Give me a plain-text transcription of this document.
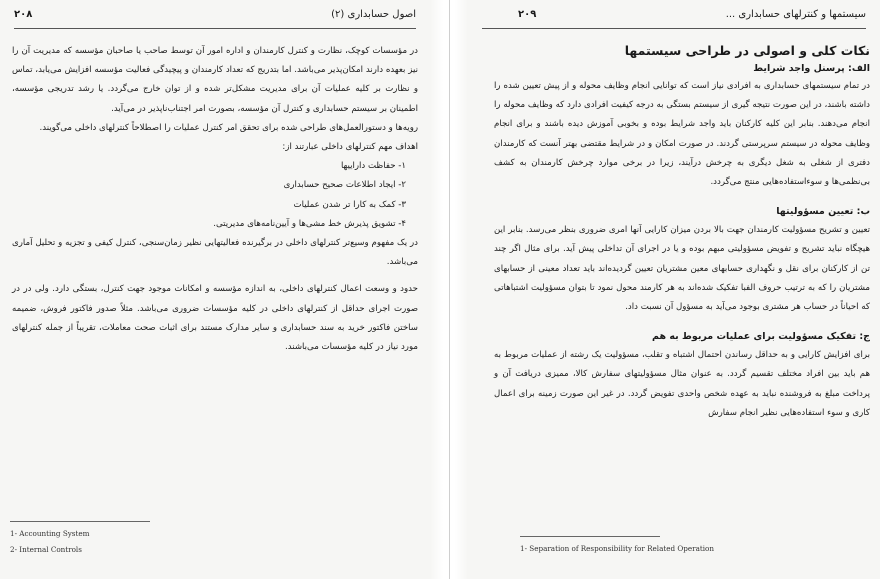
اصول حسابداری (۲)
۲۰۸

در مؤسسات کوچک، نظارت و کنترل کارمندان و اداره امور آن توسط صاحب یا صاحبان مؤسسه که مدیریت آن را نیز بعهده دارند امکان‌پذیر می‌باشد. اما بتدریج که تعداد کارمندان و پیچیدگی فعالیت مؤسسه افزایش می‌یابد، تماس و نظارت بر کلیه عملیات آن برای مدیریت مشکل‌تر شده و از توان خارج می‌گردد. یا رشد تدریجی مؤسسه، اطمینان بر سیستم حسابداری و کنترل آن مؤسسه، بصورت امر اجتناب‌ناپذیر در می‌آید.

رویه‌ها و دستورالعمل‌های طراحی شده برای تحقق امر کنترل عملیات را اصطلاحاً کنترلهای داخلی می‌گویند.

اهداف مهم کنترلهای داخلی عبارتند از:

۱- حفاظت داراییها

۲- ایجاد اطلاعات صحیح حسابداری

۳- کمک به کارا تر شدن عملیات

۴- تشویق پذیرش خط مشی‌ها و آیین‌نامه‌های مدیریتی.

در یک مفهوم وسیع‌تر کنترلهای داخلی در برگیرنده فعالیتهایی نظیر زمان‌سنجی، کنترل کیفی و تجزیه و تحلیل آماری می‌باشد.

حدود و وسعت اعمال کنترلهای داخلی، به اندازه مؤسسه و امکانات موجود جهت کنترل، بستگی دارد. ولی در در صورت اجرای حداقل از کنترلهای داخلی در کلیه مؤسسات ضروری می‌باشد. مثلاً صدور فاکتور فروش، ضمیمه ساختن فاکتور خرید به سند حسابداری و سایر مدارک مستند برای اثبات صحت معاملات، تقریباً از جمله کنترلهای مورد نیاز در کلیه مؤسسات می‌باشند.

1- Accounting System
2- Internal Controls
سیستمها و کنترلهای حسابداری ...
۲۰۹

نکات کلی و اصولی در طراحی سیستمها

الف: پرسنل واجد شرایط

در تمام سیستمهای حسابداری به افرادی نیاز است که توانایی انجام وظایف محوله و از پیش تعیین شده را داشته باشند، در این صورت نتیجه گیری از سیستم بستگی به درجه کیفیت افرادی دارد که وظایف محوله را انجام می‌دهند. بنابر این کلیه کارکنان باید واجد شرایط بوده و بخوبی آموزش دیده باشند و برای انجام وظایف محوله در سیستم سرپرستی گردند. در صورت امکان و در شرایط مقتضی بهتر آنست که کارمندان دفتری از شغلی به شغل دیگری به چرخش درآیند، زیرا در برخی موارد چرخش کارمندان به کشف بی‌نظمی‌ها و سوءاستفاده‌هایی منتج می‌گردد.

ب: تعیین مسؤولیتها

تعیین و تشریح مسؤولیت کارمندان جهت بالا بردن میزان کارایی آنها امری ضروری بنظر می‌رسد. بنابر این هیچگاه نباید تشریح و تفویض مسؤولیتی مبهم بوده و یا در اجرای آن تداخلی پیش آید. برای مثال اگر چند تن از کارکنان برای نقل و نگهداری حسابهای معین مشتریان تعیین گردیده‌اند باید تعداد معینی از حسابهای مشتریان را که به ترتیب حروف الفبا تفکیک شده‌اند به هر کارمند محول نمود تا بتوان مسؤولیت اشتباهاتی که احیاناً در حساب هر مشتری بوجود می‌آید به مسؤول آن نسبت داد.

ج: تفکیک مسؤولیت برای عملیات مربوط به هم

برای افزایش کارایی و به حداقل رساندن احتمال اشتباه و تقلب، مسؤولیت یک رشته از عملیات مربوط به هم باید بین افراد مختلف تقسیم گردد. به عنوان مثال مسؤولیتهای سفارش کالا، ممیزی دریافت آن و پرداخت مبلغ به فروشنده نباید به عهده شخص واحدی تفویض گردد. در غیر این صورت زمینه برای اعمال کاری و سوء استفاده‌هایی نظیر انجام سفارش

1- Separation of Responsibility for Related Operation
